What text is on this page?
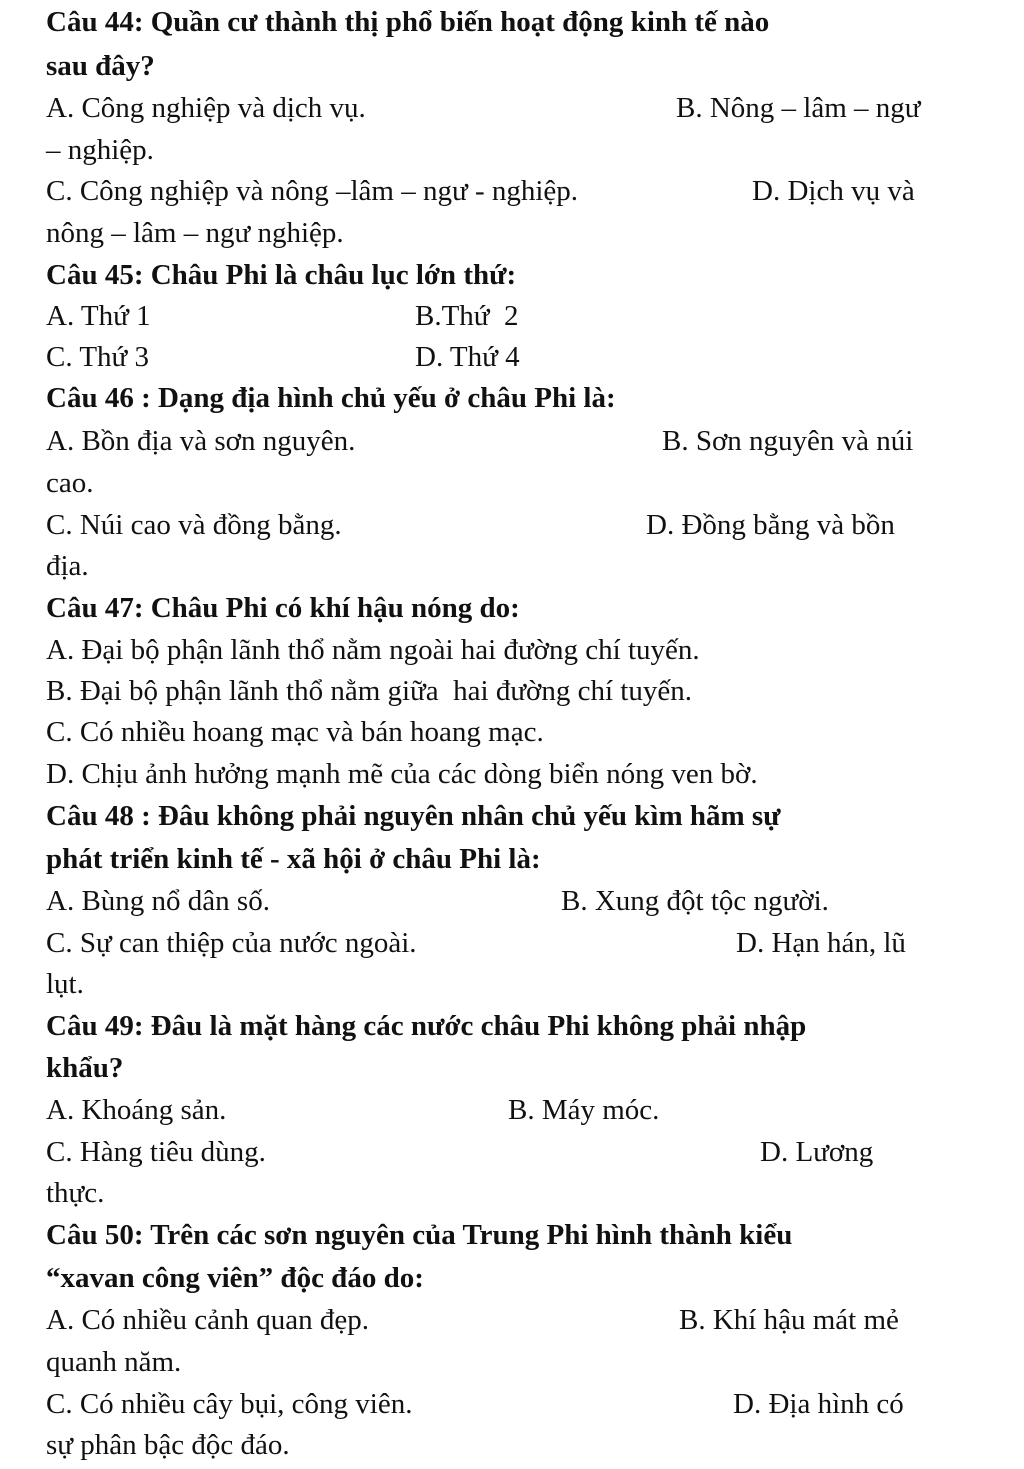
Câu 44: Quần cư thành thị phổ biến hoạt động kinh tế nào
sau đây?
A. Công nghiệp và dịch vụ.	B. Nông – lâm – ngư
– nghiệp.
C. Công nghiệp và nông –lâm – ngư - nghiệp.	D. Dịch vụ và
nông – lâm – ngư nghiệp.
Câu 45: Châu Phi là châu lục lớn thứ:
A. Thứ 1	B.Thứ  2
C. Thứ 3	D. Thứ 4
Câu 46 : Dạng địa hình chủ yếu ở châu Phi là:
A. Bồn địa và sơn nguyên.	B. Sơn nguyên và núi
cao.
C. Núi cao và đồng bằng.	D. Đồng bằng và bồn
địa.
Câu 47: Châu Phi có khí hậu nóng do:
A. Đại bộ phận lãnh thổ nằm ngoài hai đường chí tuyến.
B. Đại bộ phận lãnh thổ nằm giữa  hai đường chí tuyến.
C. Có nhiều hoang mạc và bán hoang mạc.
D. Chịu ảnh hưởng mạnh mẽ của các dòng biển nóng ven bờ.
Câu 48 : Đâu không phải nguyên nhân chủ yếu kìm hãm sự
phát triển kinh tế - xã hội ở châu Phi là:
A. Bùng nổ dân số.	B. Xung đột tộc người.
C. Sự can thiệp của nước ngoài.	D. Hạn hán, lũ
lụt.
Câu 49: Đâu là mặt hàng các nước châu Phi không phải nhập
khẩu?
A. Khoáng sản.	B. Máy móc.
C. Hàng tiêu dùng.	D. Lương
thực.
Câu 50: Trên các sơn nguyên của Trung Phi hình thành kiểu
“xavan công viên” độc đáo do:
A. Có nhiều cảnh quan đẹp.	B. Khí hậu mát mẻ
quanh năm.
C. Có nhiều cây bụi, công viên.	D. Địa hình có
sự phân bậc độc đáo.
